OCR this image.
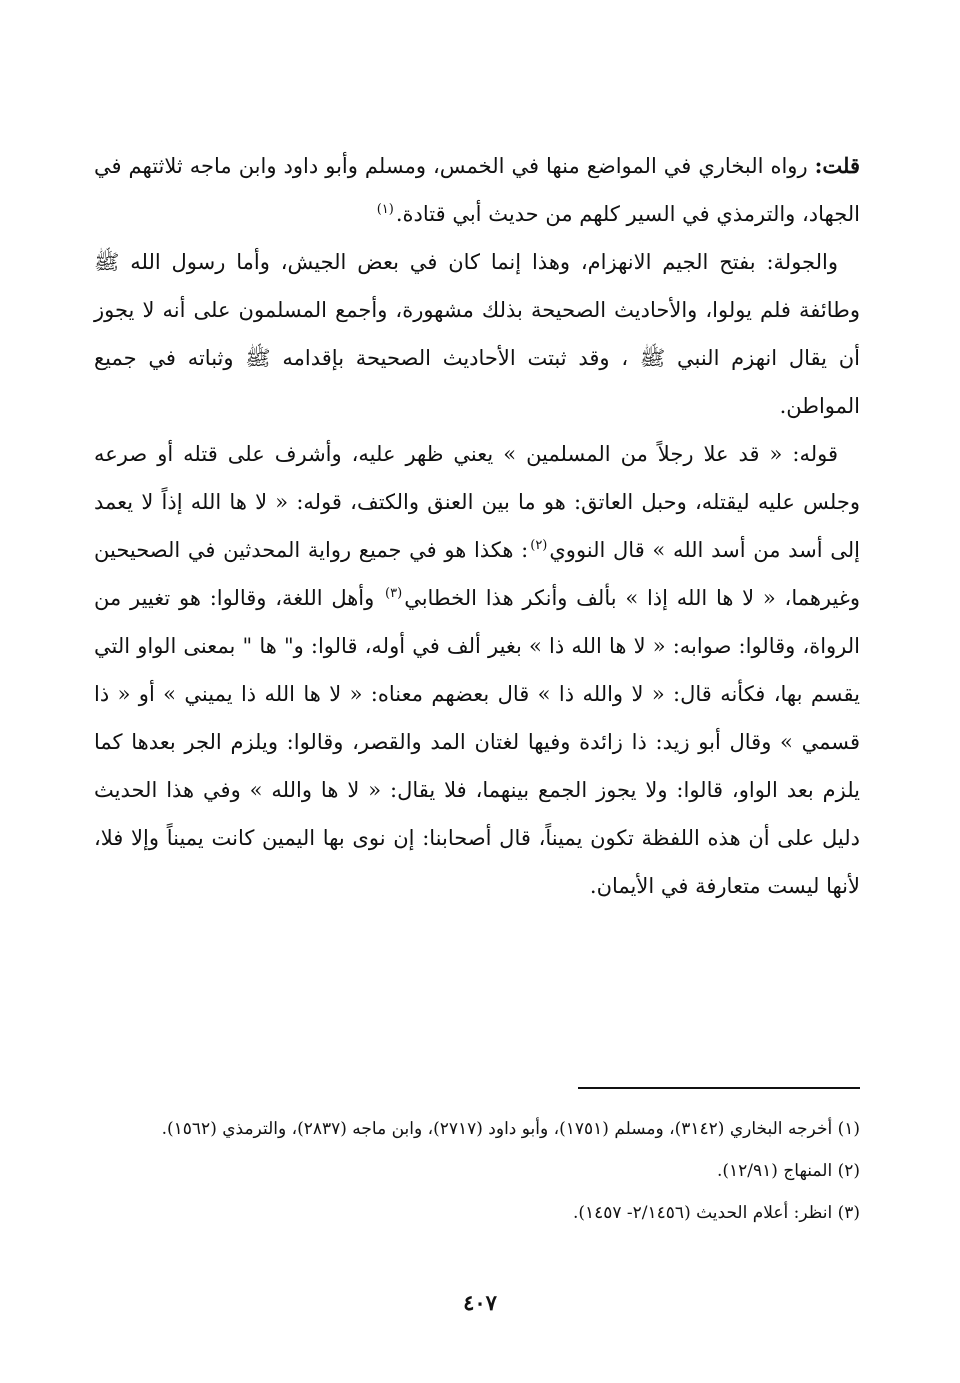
قلت: رواه البخاري في المواضع منها في الخمس، ومسلم وأبو داود وابن ماجه ثلاثتهم في الجهاد، والترمذي في السير كلهم من حديث أبي قتادة.$^{(١)}$

والجولة: بفتح الجيم الانهزام، وهذا إنما كان في بعض الجيش، وأما رسول الله ﷺ وطائفة فلم يولوا، والأحاديث الصحيحة بذلك مشهورة، وأجمع المسلمون على أنه لا يجوز أن يقال انهزم النبي ﷺ ، وقد ثبتت الأحاديث الصحيحة بإقدامه ﷺ وثباته في جميع المواطن.

قوله: « قد علا رجلاً من المسلمين » يعني ظهر عليه، وأشرف على قتله أو صرعه وجلس عليه ليقتله، وحبل العاتق: هو ما بين العنق والكتف، قوله: « لا ها الله إذاً لا يعمد إلى أسد من أسد الله » قال النووي$^{(٢)}$: هكذا هو في جميع رواية المحدثين في الصحيحين وغيرهما، « لا ها الله إذا » بألف وأنكر هذا الخطابي$^{(٣)}$ وأهل اللغة، وقالوا: هو تغيير من الرواة، وقالوا: صوابه: « لا ها الله ذا » بغير ألف في أوله، قالوا: و" ها " بمعنى الواو التي يقسم بها، فكأنه قال: « لا والله ذا » قال بعضهم معناه: « لا ها الله ذا يميني » أو « ذا قسمي » وقال أبو زيد: ذا زائدة وفيها لغتان المد والقصر، وقالوا: ويلزم الجر بعدها كما يلزم بعد الواو، قالوا: ولا يجوز الجمع بينهما، فلا يقال: « لا ها والله » وفي هذا الحديث دليل على أن هذه اللفظة تكون يميناً، قال أصحابنا: إن نوى بها اليمين كانت يميناً وإلا فلا، لأنها ليست متعارفة في الأيمان.

(١) أخرجه البخاري (٣١٤٢)، ومسلم (١٧٥١)، وأبو داود (٢٧١٧)، وابن ماجه (٢٨٣٧)، والترمذي (١٥٦٢).

(٢) المنهاج (١٢/٩١).

(٣) انظر: أعلام الحديث (٢/١٤٥٦- ١٤٥٧).

٤٠٧
